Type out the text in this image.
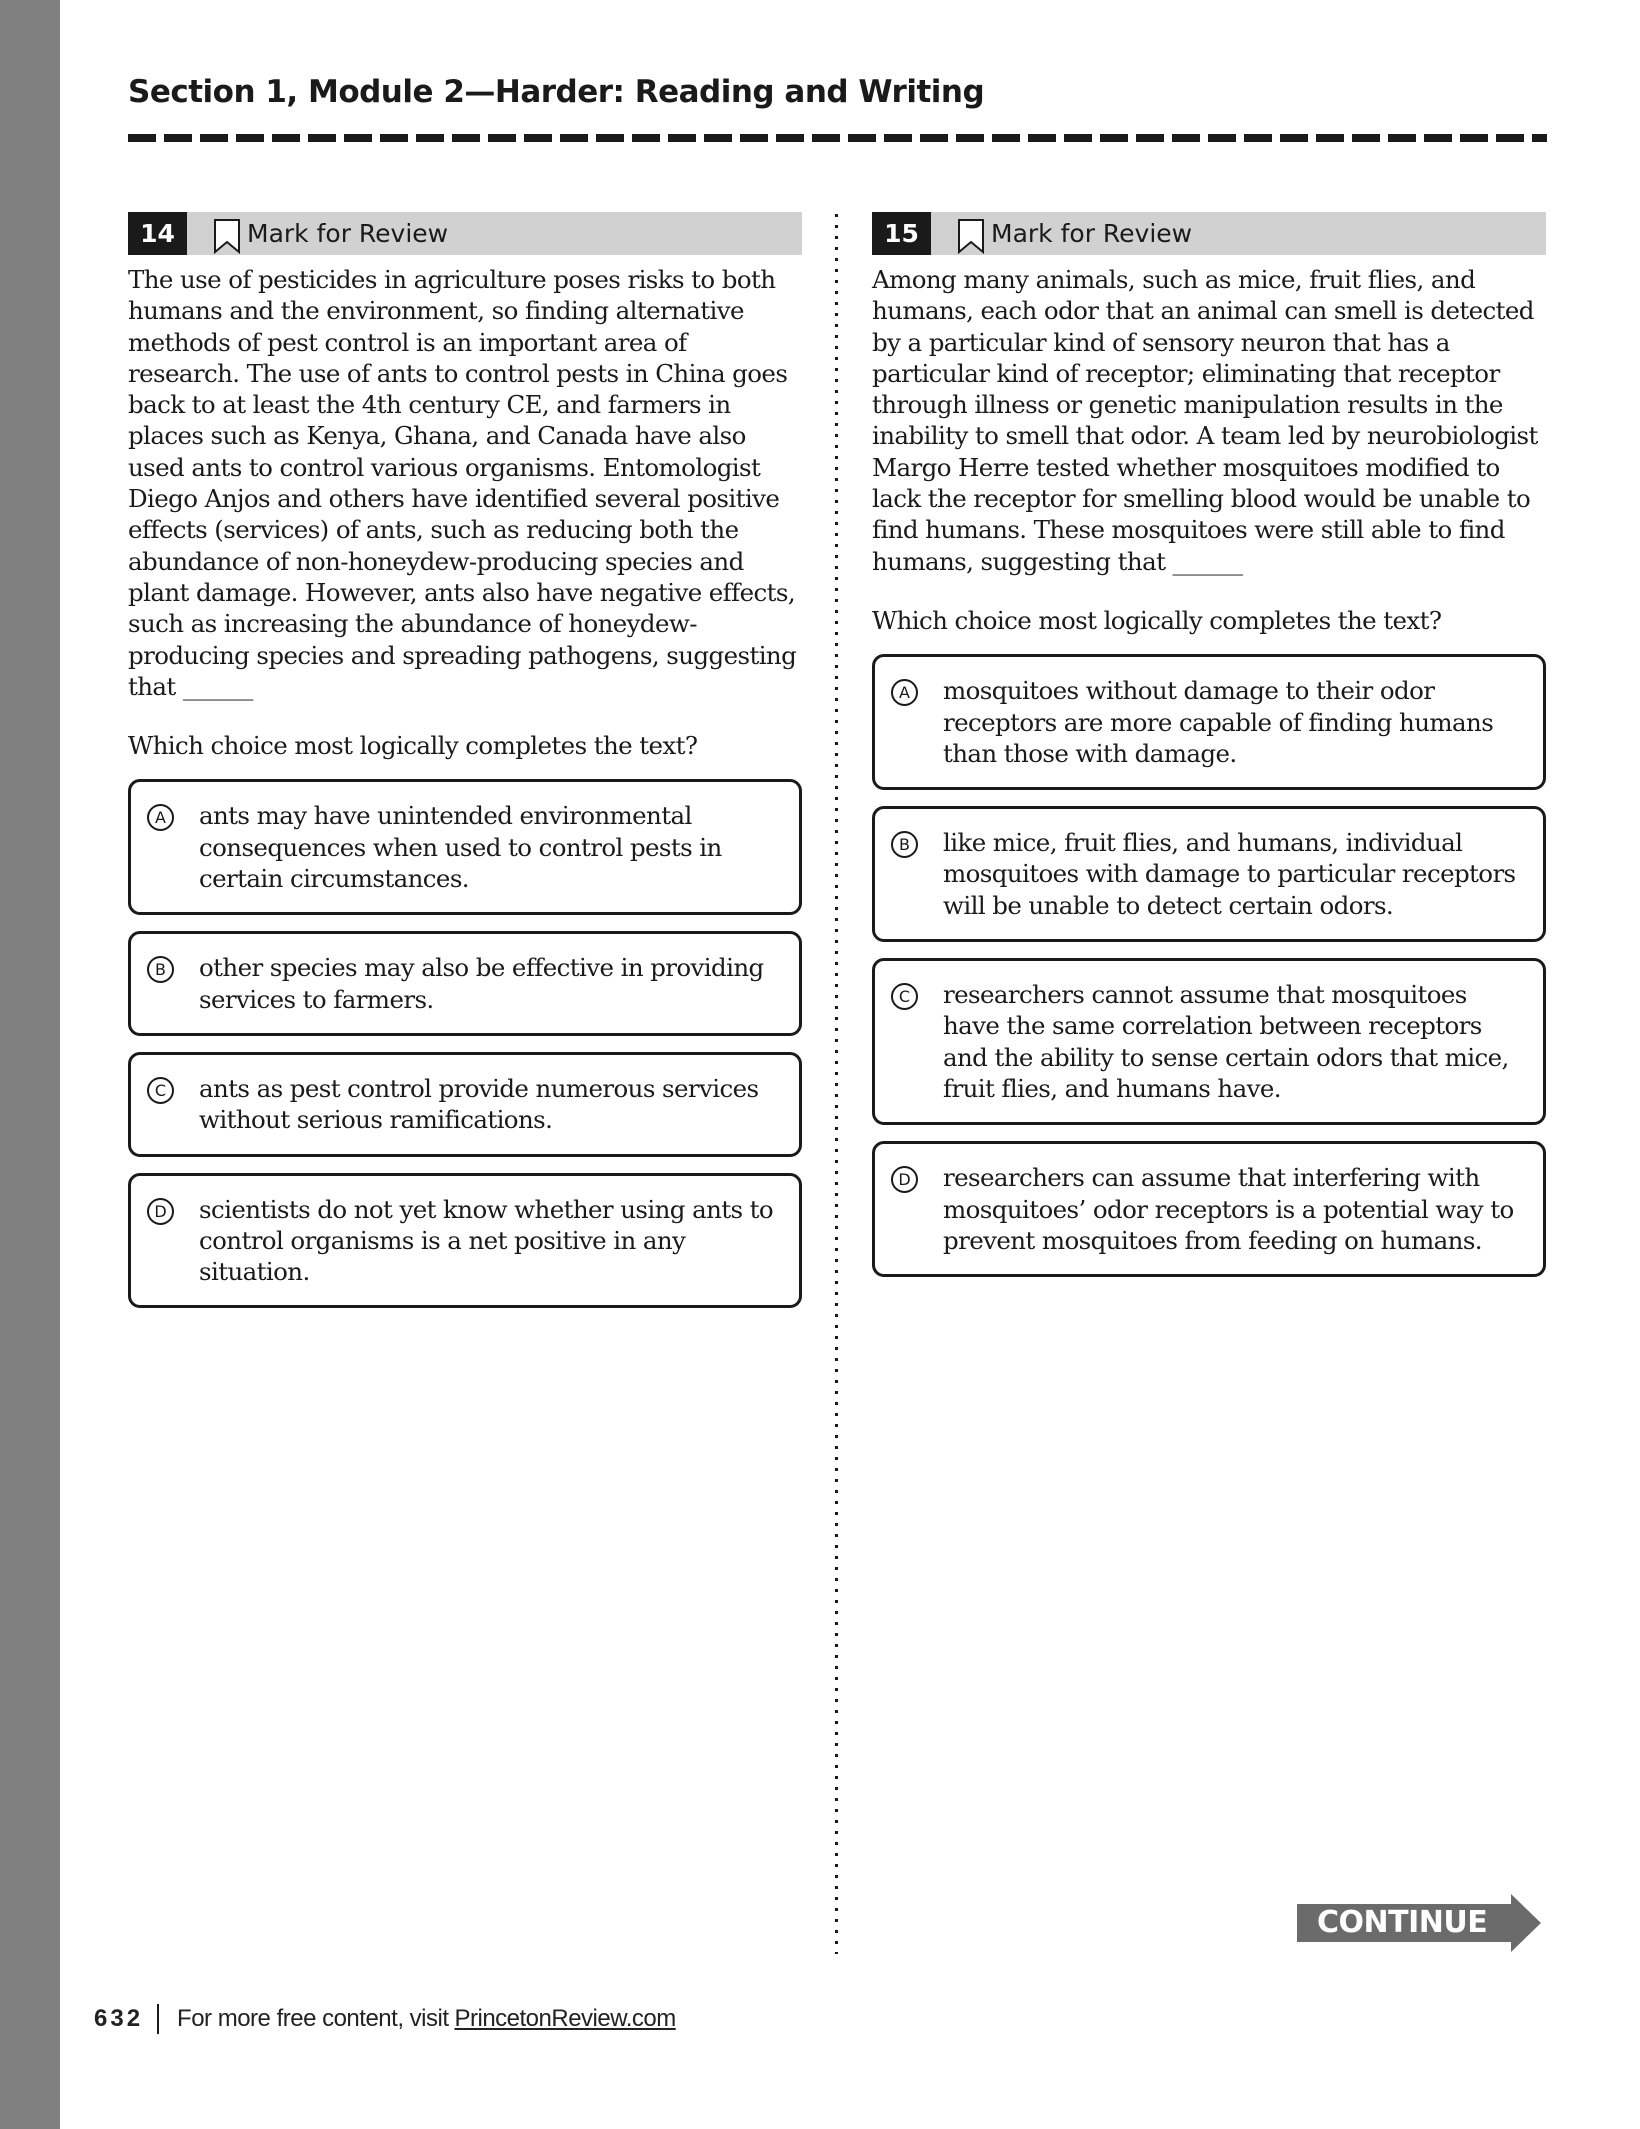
Section 1, Module 2—Harder: Reading and Writing
14	Mark for Review
The use of pesticides in agriculture poses risks to both humans and the environment, so finding alternative methods of pest control is an important area of research. The use of ants to control pests in China goes back to at least the 4th century CE, and farmers in places such as Kenya, Ghana, and Canada have also used ants to control various organisms. Entomologist Diego Anjos and others have identified several positive effects (services) of ants, such as reducing both the abundance of non-honeydew-producing species and plant damage. However, ants also have negative effects, such as increasing the abundance of honeydew-producing species and spreading pathogens, suggesting that ______
Which choice most logically completes the text?
A	ants may have unintended environmental consequences when used to control pests in certain circumstances.
B	other species may also be effective in providing services to farmers.
C	ants as pest control provide numerous services without serious ramifications.
D scientists do not yet know whether using ants to control organisms is a net positive in any situation.
15	Mark for Review
Among many animals, such as mice, fruit flies, and humans, each odor that an animal can smell is detected by a particular kind of sensory neuron that has a particular kind of receptor; eliminating that receptor through illness or genetic manipulation results in the inability to smell that odor. A team led by neurobiologist Margo Herre tested whether mosquitoes modified to lack the receptor for smelling blood would be unable to find humans. These mosquitoes were still able to find humans, suggesting that ______
Which choice most logically completes the text?
A	mosquitoes without damage to their odor receptors are more capable of finding humans than those with damage.
B	like mice, fruit flies, and humans, individual mosquitoes with damage to particular receptors will be unable to detect certain odors.
C	researchers cannot assume that mosquitoes have the same correlation between receptors and the ability to sense certain odors that mice, fruit flies, and humans have.
D researchers can assume that interfering with mosquitoes’ odor receptors is a potential way to prevent mosquitoes from feeding on humans.
CONTINUE
632 For more free content, visit PrincetonReview.com
